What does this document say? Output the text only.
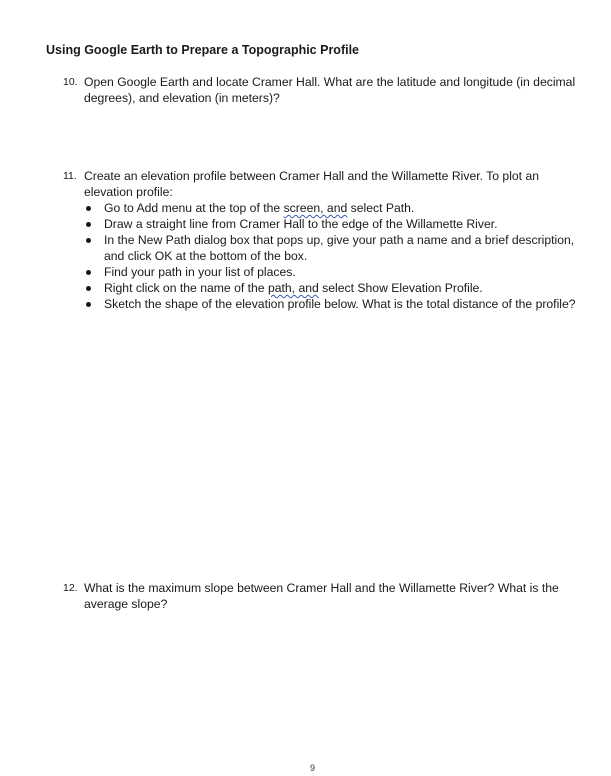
Using Google Earth to Prepare a Topographic Profile
10. Open Google Earth and locate Cramer Hall. What are the latitude and longitude (in decimal
degrees), and elevation (in meters)?
11. Create an elevation profile between Cramer Hall and the Willamette River. To plot an
elevation profile:
Go to Add menu at the top of the screen, and select Path.
Draw a straight line from Cramer Hall to the edge of the Willamette River.
In the New Path dialog box that pops up, give your path a name and a brief description,
and click OK at the bottom of the box.
Find your path in your list of places.
Right click on the name of the path, and select Show Elevation Profile.
Sketch the shape of the elevation profile below. What is the total distance of the profile?
12. What is the maximum slope between Cramer Hall and the Willamette River? What is the
average slope?
9
